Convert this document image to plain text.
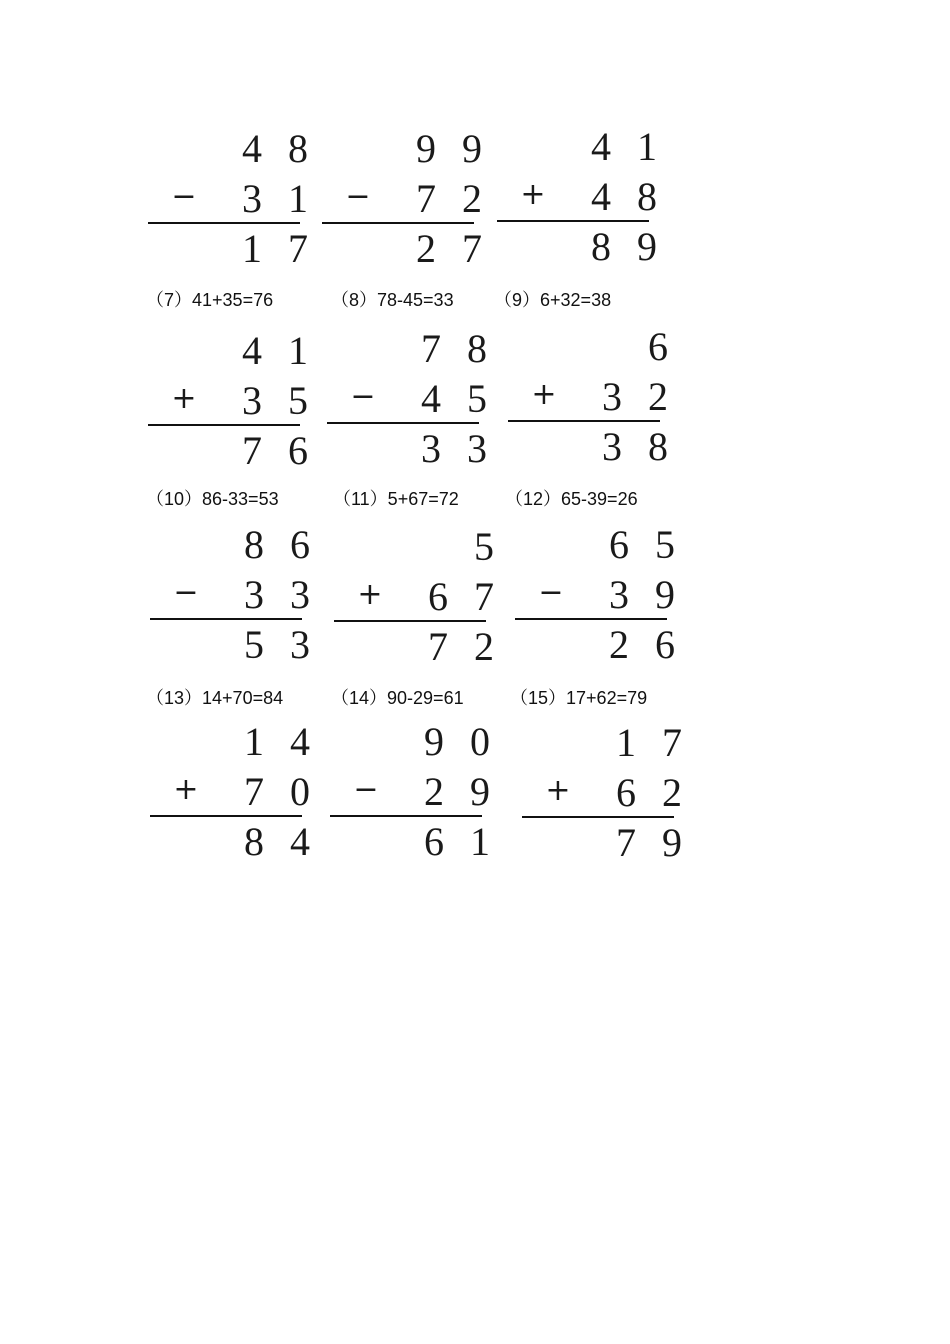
48
− 31
17
99
− 72
27
41
+ 48
89
（7）41+35=76	（8）78-45=33 （9）6+32=38
41
+ 35
76
78
− 45
33
6
+ 32
38
（10）86-33=53	（11）5+67=72	（12）65-39=26
86
− 33
53
5
+ 67
72
65
− 39
26
（13）14+70=84	（14）90-29=61	（15）17+62=79
14
+ 70
84
90
− 29
61
17
+ 62
79
